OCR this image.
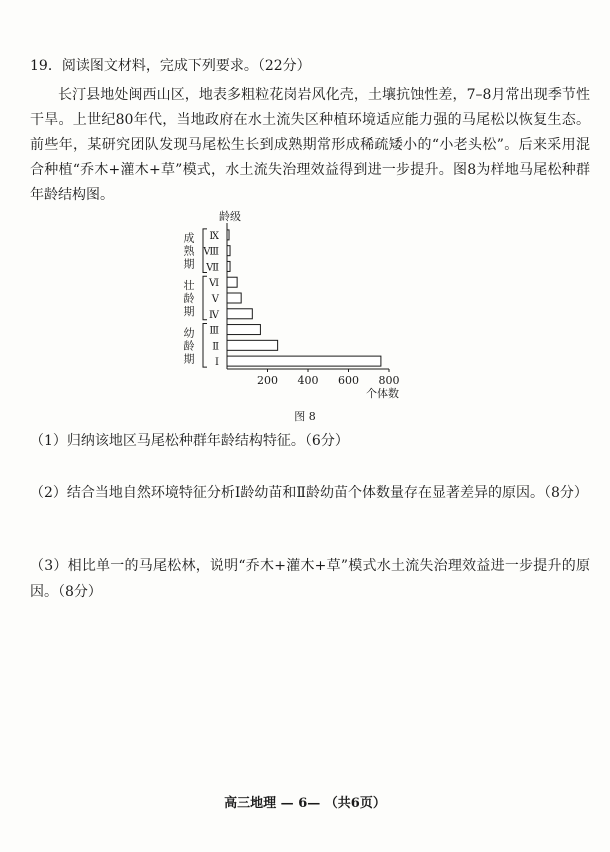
19．阅读图文材料，完成下列要求。（22分）
长汀县地处闽西山区，地表多粗粒花岗岩风化壳，土壤抗蚀性差，7–8月常出现季节性干旱。上世纪80年代，当地政府在水土流失区种植环境适应能力强的马尾松以恢复生态。前些年，某研究团队发现马尾松生长到成熟期常形成稀疏矮小的“小老头松”。后来采用混合种植“乔木+灌木+草”模式，水土流失治理效益得到进一步提升。图8为样地马尾松种群年龄结构图。
龄级
Ⅰ
Ⅱ
Ⅲ
Ⅳ
Ⅴ
Ⅵ
Ⅶ
Ⅷ
Ⅸ
200 400 600 800
个体数
幼
龄
期
壮
龄
期
成
熟
期
图 8
（1）归纳该地区马尾松种群年龄结构特征。（6分）
（2）结合当地自然环境特征分析Ⅰ龄幼苗和Ⅱ龄幼苗个体数量存在显著差异的原因。（8分）
（3）相比单一的马尾松林，说明“乔木+灌木+草”模式水土流失治理效益进一步提升的原因。（8分）
高三地理 — 6— （共6页）
